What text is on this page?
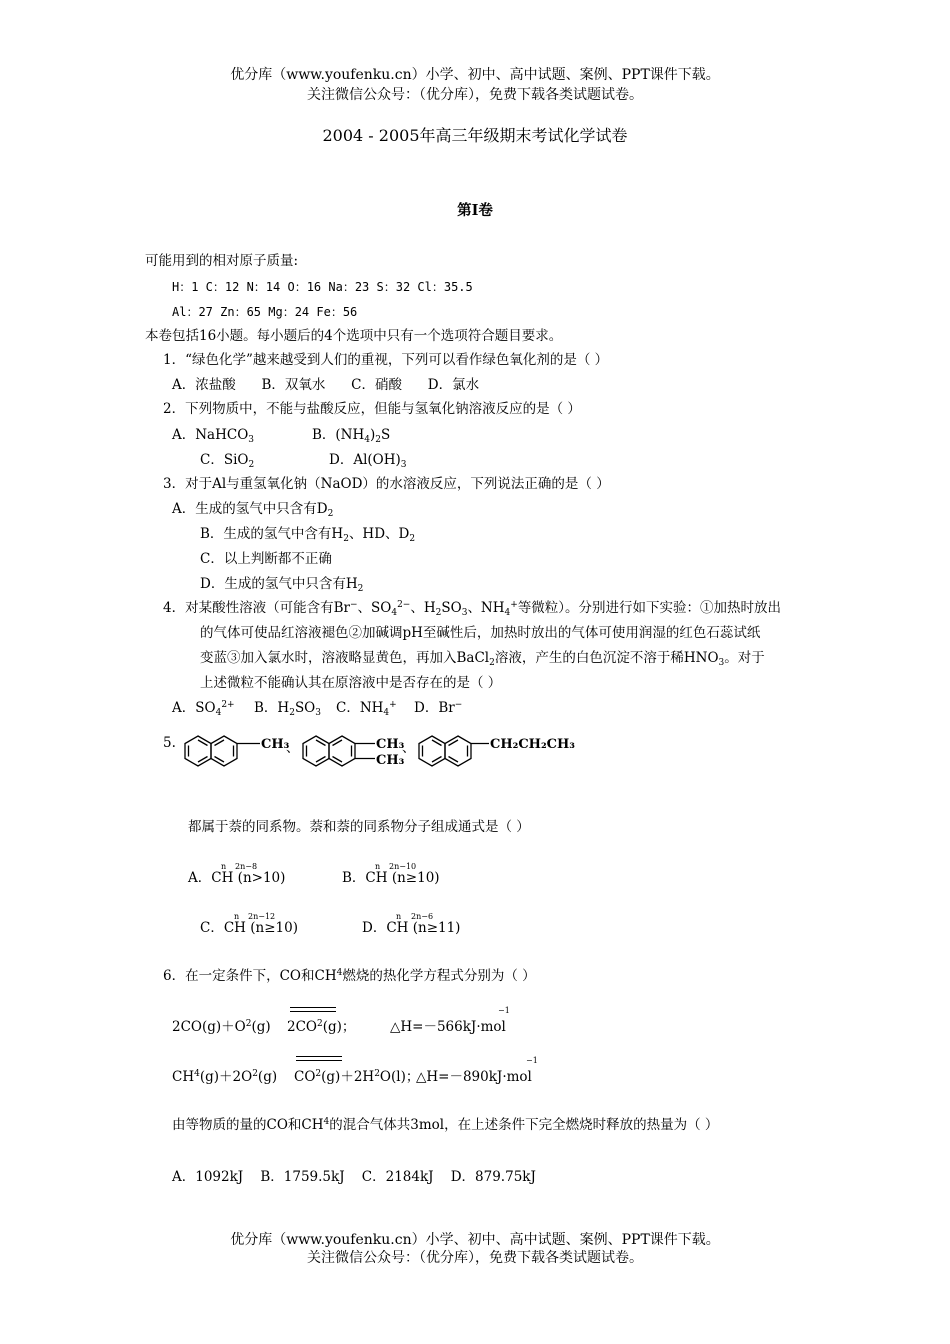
优分库（www.youfenku.cn）小学、初中、高中试题、案例、PPT课件下载。
关注微信公众号：（优分库），免费下载各类试题试卷。
2004 - 2005年高三年级期末考试化学试卷
第Ⅰ卷
可能用到的相对原子质量:
H：1 C：12 N：14 O：16 Na：23 S：32 Cl：35.5
Al：27 Zn：65 Mg：24 Fe：56
本卷包括16小题。每小题后的4个选项中只有一个选项符合题目要求。
1．“绿色化学”越来越受到人们的重视，下列可以看作绿色氧化剂的是（ ）
A．浓盐酸      B．双氧水      C．硝酸      D．氯水
2．下列物质中，不能与盐酸反应，但能与氢氧化钠溶液反应的是（ ）
A．NaHCO$_3$	B．$(NH_4)_2S$
C．SiO$_2$	D．$Al(OH)_3$
3．对于Al与重氢氧化钠（NaOD）的水溶液反应，下列说法正确的是（ ）
A．生成的氢气中只含有$D_2$
B．生成的氢气中含有$H_2$、HD、$D_2$
C．以上判断都不正确
D．生成的氢气中只含有$H_2$
4．对某酸性溶液（可能含有Br−、$SO_4^{2-}$、$H_2SO_3$、$NH_4^+$等微粒）。分别进行如下实验：①加热时放出
的气体可使品红溶液褪色②加碱调pH至碱性后，加热时放出的气体可使用润湿的红色石蕊试纸
变蓝③加入氯水时，溶液略显黄色，再加入BaCl$_2$溶液，产生的白色沉淀不溶于稀$HNO_3$。对于
上述微粒不能确认其在原溶液中是否存在的是（ ）
A．$SO_4^{2+}$ B．$H_2SO_3$ C．$NH_4^+$ D．Br−
5.	CH₃
、	CH₃
CH₃
、	CH₂CH₂CH₃
都属于萘的同系物。萘和萘的同系物分子组成通式是（ ）
A．CH (n>10)
n 2n−8
B．CH (n≥10)
n 2n−10
C．CH (n≥10)
n 2n−12
D．CH (n≥11)
n 2n−6
6．在一定条件下，CO和$CH^4$燃烧的热化学方程式分别为（ ）
$2CO(g)+O^2(g)$ $2CO^2(g)$；	△H=－566kJ·mol
−1
$CH^4(g)+2O^2(g)$ $CO^2(g)+2H^2O(l)$；
△H=－890kJ·mol
−1
由等物质的量的CO和$CH^4$的混合气体共3mol，在上述条件下完全燃烧时释放的热量为（ ）
A．1092kJ    B．1759.5kJ    C．2184kJ    D．879.75kJ
优分库（www.youfenku.cn）小学、初中、高中试题、案例、PPT课件下载。
关注微信公众号：（优分库），免费下载各类试题试卷。
